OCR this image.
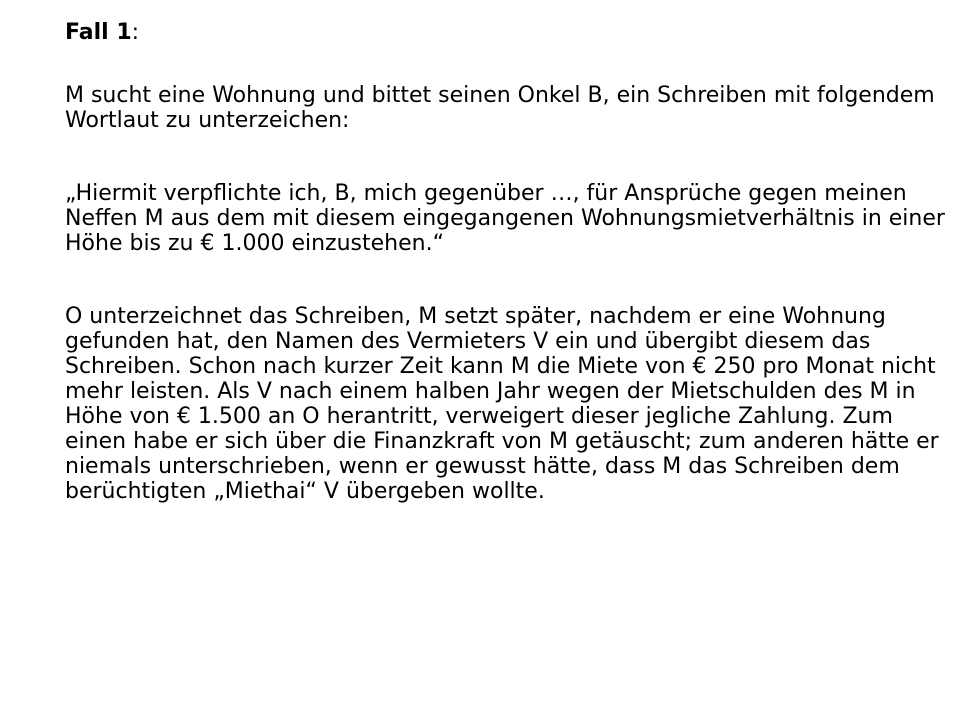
Fall 1:

M sucht eine Wohnung und bittet seinen Onkel B, ein Schreiben mit folgendem Wortlaut zu unterzeichen:

„Hiermit verpflichte ich, B, mich gegenüber …, für Ansprüche gegen meinen Neffen M aus dem mit diesem eingegangenen Wohnungsmietverhältnis in einer Höhe bis zu € 1.000 einzustehen.“

O unterzeichnet das Schreiben, M setzt später, nachdem er eine Wohnung gefunden hat, den Namen des Vermieters V ein und übergibt diesem das Schreiben. Schon nach kurzer Zeit kann M die Miete von € 250 pro Monat nicht mehr leisten. Als V nach einem halben Jahr wegen der Mietschulden des M in Höhe von € 1.500 an O herantritt, verweigert dieser jegliche Zahlung. Zum einen habe er sich über die Finanzkraft von M getäuscht; zum anderen hätte er niemals unterschrieben, wenn er gewusst hätte, dass M das Schreiben dem berüchtigten „Miethai“ V übergeben wollte.
